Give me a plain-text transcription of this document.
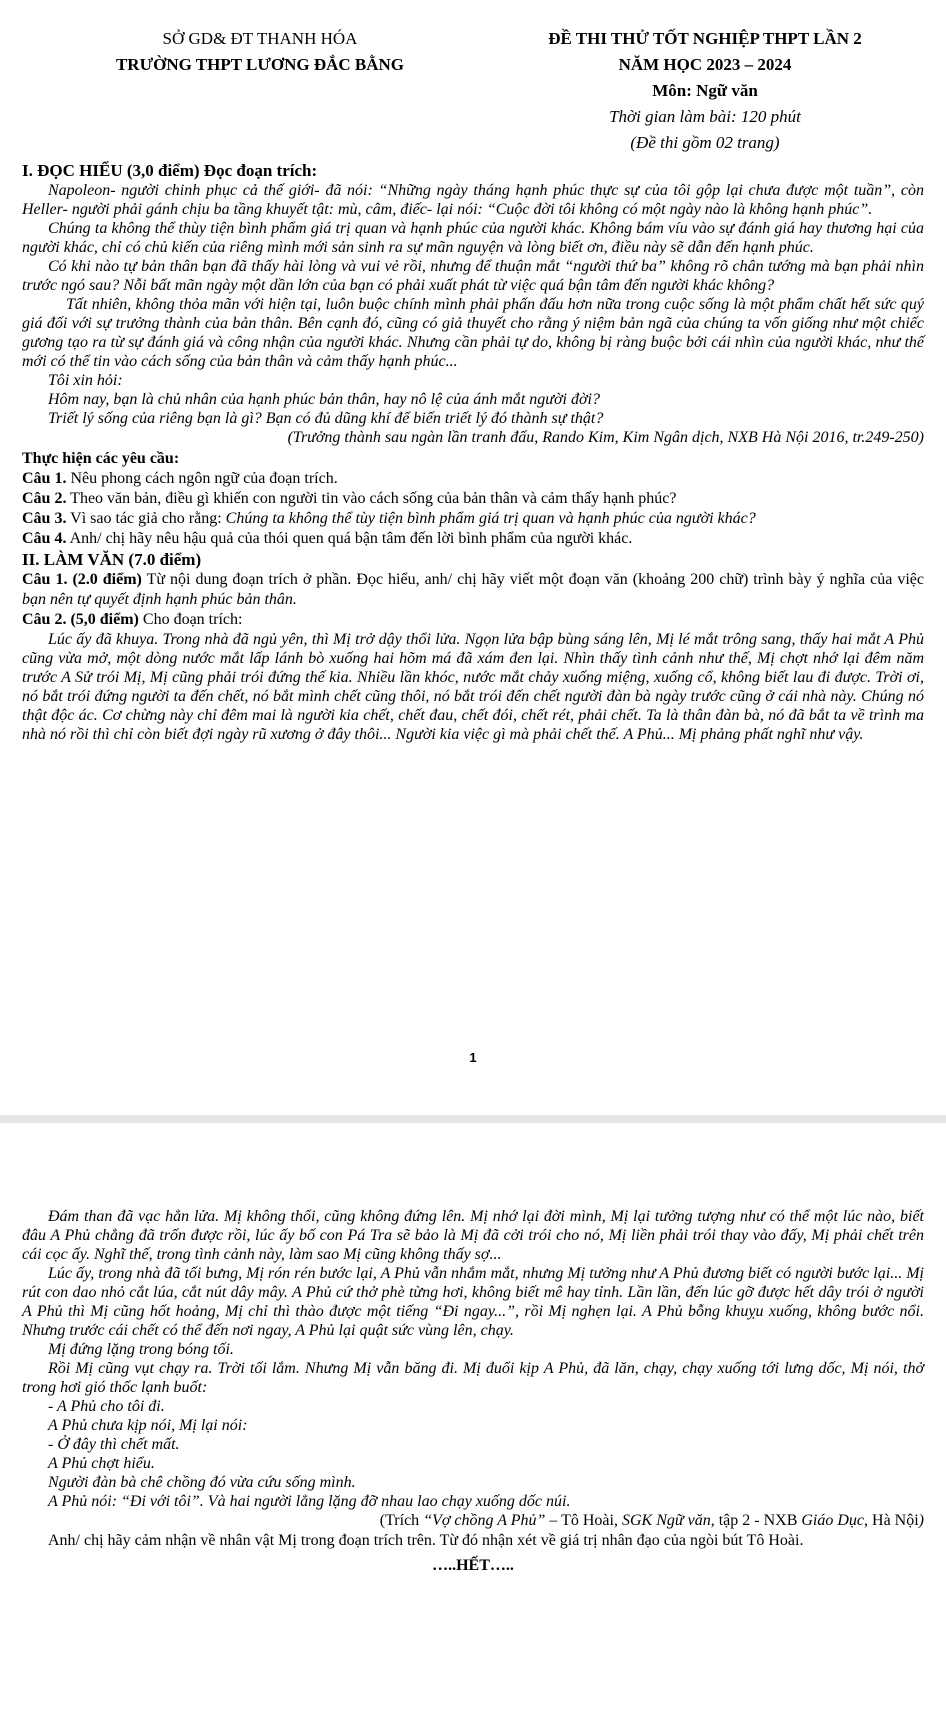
SỞ GD& ĐT THANH HÓA
TRƯỜNG THPT LƯƠNG ĐẮC BẰNG
ĐỀ THI THỬ TỐT NGHIỆP THPT LẦN 2
NĂM HỌC 2023 – 2024
Môn: Ngữ văn
Thời gian làm bài: 120 phút
(Đề thi gồm 02 trang)

I. ĐỌC HIỂU (3,0 điểm) Đọc đoạn trích:

Napoleon- người chinh phục cả thế giới- đã nói: “Những ngày tháng hạnh phúc thực sự của tôi gộp lại chưa được một tuần”, còn Heller- người phải gánh chịu ba tầng khuyết tật: mù, câm, điếc- lại nói: “Cuộc đời tôi không có một ngày nào là không hạnh phúc”.

Chúng ta không thể thùy tiện bình phẩm giá trị quan và hạnh phúc của người khác. Không bám víu vào sự đánh giá hay thương hại của người khác, chỉ có chủ kiến của riêng mình mới sản sinh ra sự mãn nguyện và lòng biết ơn, điều này sẽ dẫn đến hạnh phúc.

Có khi nào tự bản thân bạn đã thấy hài lòng và vui vẻ rồi, nhưng để thuận mắt “người thứ ba” không rõ chân tướng mà bạn phải nhìn trước ngó sau? Nỗi bất mãn ngày một dần lớn của bạn có phải xuất phát từ việc quá bận tâm đến người khác không?

Tất nhiên, không thỏa mãn với hiện tại, luôn buộc chính mình phải phấn đấu hơn nữa trong cuộc sống là một phẩm chất hết sức quý giá đối với sự trưởng thành của bản thân. Bên cạnh đó, cũng có giả thuyết cho rằng ý niệm bản ngã của chúng ta vốn giống như một chiếc gương tạo ra từ sự đánh giá và công nhận của người khác. Nhưng cần phải tự do, không bị ràng buộc bởi cái nhìn của người khác, như thế mới có thể tin vào cách sống của bản thân và cảm thấy hạnh phúc...

Tôi xin hỏi:

Hôm nay, bạn là chủ nhân của hạnh phúc bản thân, hay nô lệ của ánh mắt người đời?

Triết lý sống của riêng bạn là gì? Bạn có đủ dũng khí để biến triết lý đó thành sự thật?

(Trưởng thành sau ngàn lần tranh đấu, Rando Kim, Kim Ngân dịch, NXB Hà Nội 2016, tr.249-250)

Thực hiện các yêu cầu:

Câu 1. Nêu phong cách ngôn ngữ của đoạn trích.

Câu 2. Theo văn bản, điều gì khiến con người tin vào cách sống của bản thân và cảm thấy hạnh phúc?

Câu 3. Vì sao tác giả cho rằng: Chúng ta không thể tùy tiện bình phẩm giá trị quan và hạnh phúc của người khác?

Câu 4. Anh/ chị hãy nêu hậu quả của thói quen quá bận tâm đến lời bình phẩm của người khác.

II. LÀM VĂN (7.0 điểm)

Câu 1. (2.0 điểm) Từ nội dung đoạn trích ở phần. Đọc hiểu, anh/ chị hãy viết một đoạn văn (khoảng 200 chữ) trình bày ý nghĩa của việc bạn nên tự quyết định hạnh phúc bản thân.

Câu 2. (5,0 điểm) Cho đoạn trích:

Lúc ấy đã khuya. Trong nhà đã ngủ yên, thì Mị trở dậy thổi lửa. Ngọn lửa bập bùng sáng lên, Mị lé mắt trông sang, thấy hai mắt A Phủ cũng vừa mở, một dòng nước mắt lấp lánh bò xuống hai hõm má đã xám đen lại. Nhìn thấy tình cảnh như thế, Mị chợt nhớ lại đêm năm trước A Sử trói Mị, Mị cũng phải trói đứng thế kia. Nhiều lần khóc, nước mắt chảy xuống miệng, xuống cổ, không biết lau đi được. Trời ơi, nó bắt trói đứng người ta đến chết, nó bắt mình chết cũng thôi, nó bắt trói đến chết người đàn bà ngày trước cũng ở cái nhà này. Chúng nó thật độc ác. Cơ chừng này chỉ đêm mai là người kia chết, chết đau, chết đói, chết rét, phải chết. Ta là thân đàn bà, nó đã bắt ta về trình ma nhà nó rồi thì chỉ còn biết đợi ngày rũ xương ở đây thôi... Người kia việc gì mà phải chết thế. A Phủ... Mị phảng phất nghĩ như vậy.

1

Đám than đã vạc hẳn lửa. Mị không thổi, cũng không đứng lên. Mị nhớ lại đời mình, Mị lại tưởng tượng như có thể một lúc nào, biết đâu A Phủ chẳng đã trốn được rồi, lúc ấy bố con Pá Tra sẽ bảo là Mị đã cởi trói cho nó, Mị liền phải trói thay vào đấy, Mị phải chết trên cái cọc ấy. Nghĩ thế, trong tình cảnh này, làm sao Mị cũng không thấy sợ...

Lúc ấy, trong nhà đã tối bưng, Mị rón rén bước lại, A Phủ vẫn nhắm mắt, nhưng Mị tưởng như A Phủ đương biết có người bước lại... Mị rút con dao nhỏ cắt lúa, cắt nút dây mây. A Phủ cứ thở phè từng hơi, không biết mê hay tỉnh. Lần lần, đến lúc gỡ được hết dây trói ở người A Phủ thì Mị cũng hốt hoảng, Mị chỉ thì thào được một tiếng “Đi ngay...”, rồi Mị nghẹn lại. A Phủ bỗng khuỵu xuống, không bước nổi. Nhưng trước cái chết có thể đến nơi ngay, A Phủ lại quật sức vùng lên, chạy.

Mị đứng lặng trong bóng tối.

Rồi Mị cũng vụt chạy ra. Trời tối lắm. Nhưng Mị vẫn băng đi. Mị đuổi kịp A Phủ, đã lăn, chạy, chạy xuống tới lưng dốc, Mị nói, thở trong hơi gió thốc lạnh buốt:

- A Phủ cho tôi đi.

A Phủ chưa kịp nói, Mị lại nói:

- Ở đây thì chết mất.

A Phủ chợt hiểu.

Người đàn bà chê chồng đó vừa cứu sống mình.

A Phủ nói: “Đi với tôi”. Và hai người lẳng lặng đỡ nhau lao chạy xuống dốc núi.

(Trích “Vợ chồng A Phủ” – Tô Hoài, SGK Ngữ văn, tập 2 - NXB Giáo Dục, Hà Nội)

Anh/ chị hãy cảm nhận về nhân vật Mị trong đoạn trích trên. Từ đó nhận xét về giá trị nhân đạo của ngòi bút Tô Hoài.

…..HẾT…..
